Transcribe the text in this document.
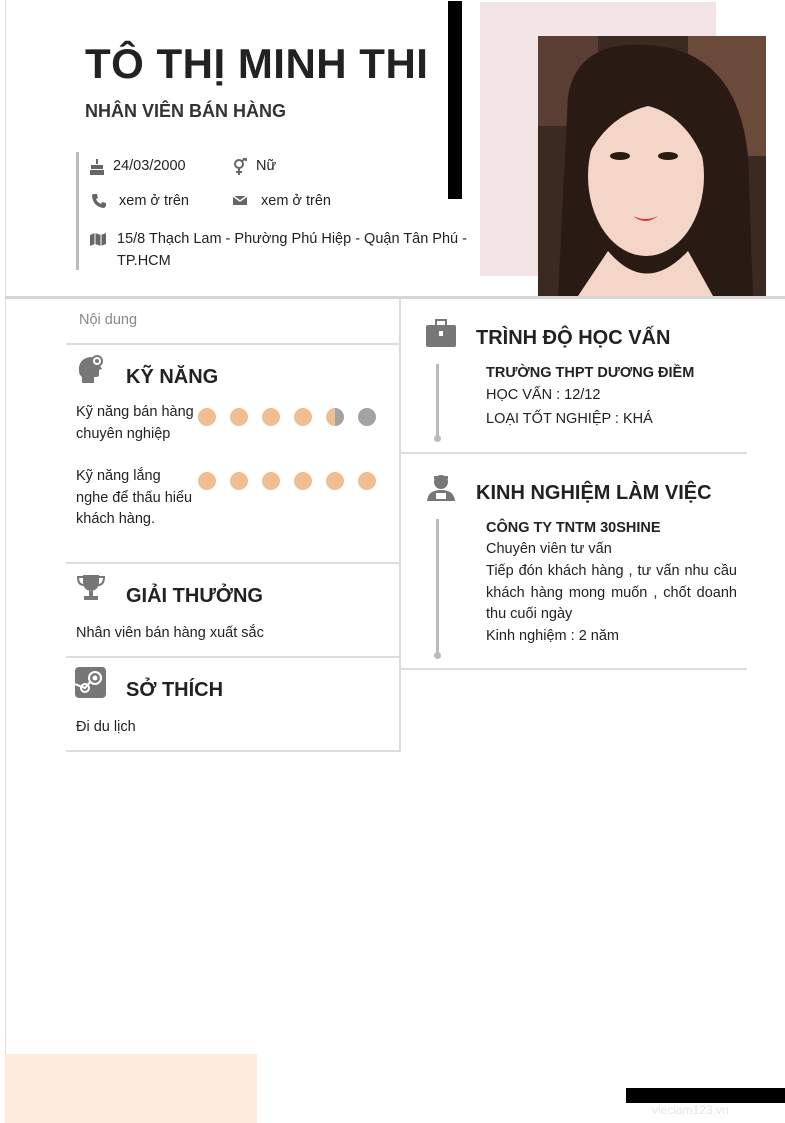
TÔ THỊ MINH THI
NHÂN VIÊN BÁN HÀNG
24/03/2000	Nữ
xem ở trên	xem ở trên
15/8 Thạch Lam - Phường Phú Hiệp - Quận Tân Phú -
TP.HCM
Nội dung
KỸ NĂNG
Kỹ năng bán hàng
chuyên nghiệp
Kỹ năng lắng
nghe để thấu hiểu
khách hàng.
GIẢI THƯỞNG
Nhân viên bán hàng xuất sắc
SỞ THÍCH
Đi du lịch
TRÌNH ĐỘ HỌC VẤN
TRƯỜNG THPT DƯƠNG ĐIỀM
HỌC VẤN : 12/12
LOẠI TỐT NGHIỆP : KHÁ
KINH NGHIỆM LÀM VIỆC
CÔNG TY TNTM 30SHINE
Chuyên viên tư vấn
Tiếp đón khách hàng , tư vấn nhu cầu
khách hàng mong muốn , chốt doanh
thu cuối ngày
Kinh nghiệm : 2 năm
vieclam123.vn
